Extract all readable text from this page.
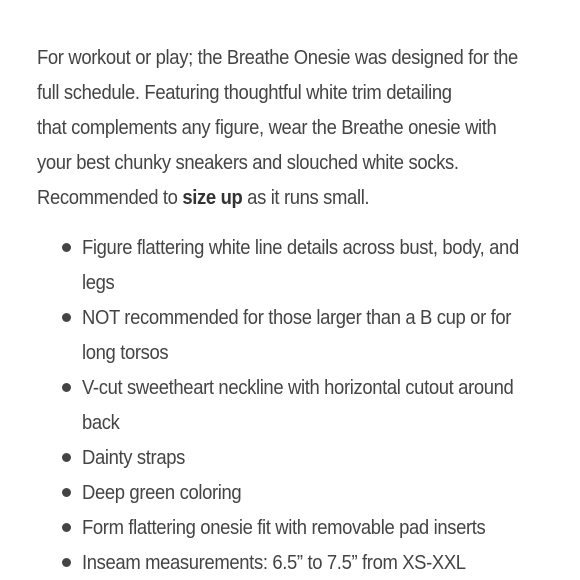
For workout or play; the Breathe Onesie was designed for the
full schedule. Featuring thoughtful white trim detailing
that complements any figure, wear the Breathe onesie with
your best chunky sneakers and slouched white socks.
Recommended to size up as it runs small.

Figure flattering white line details across bust, body, and legs
NOT recommended for those larger than a B cup or for long torsos
V-cut sweetheart neckline with horizontal cutout around back
Dainty straps
Deep green coloring
Form flattering onesie fit with removable pad inserts
Inseam measurements: 6.5” to 7.5” from XS-XXL
